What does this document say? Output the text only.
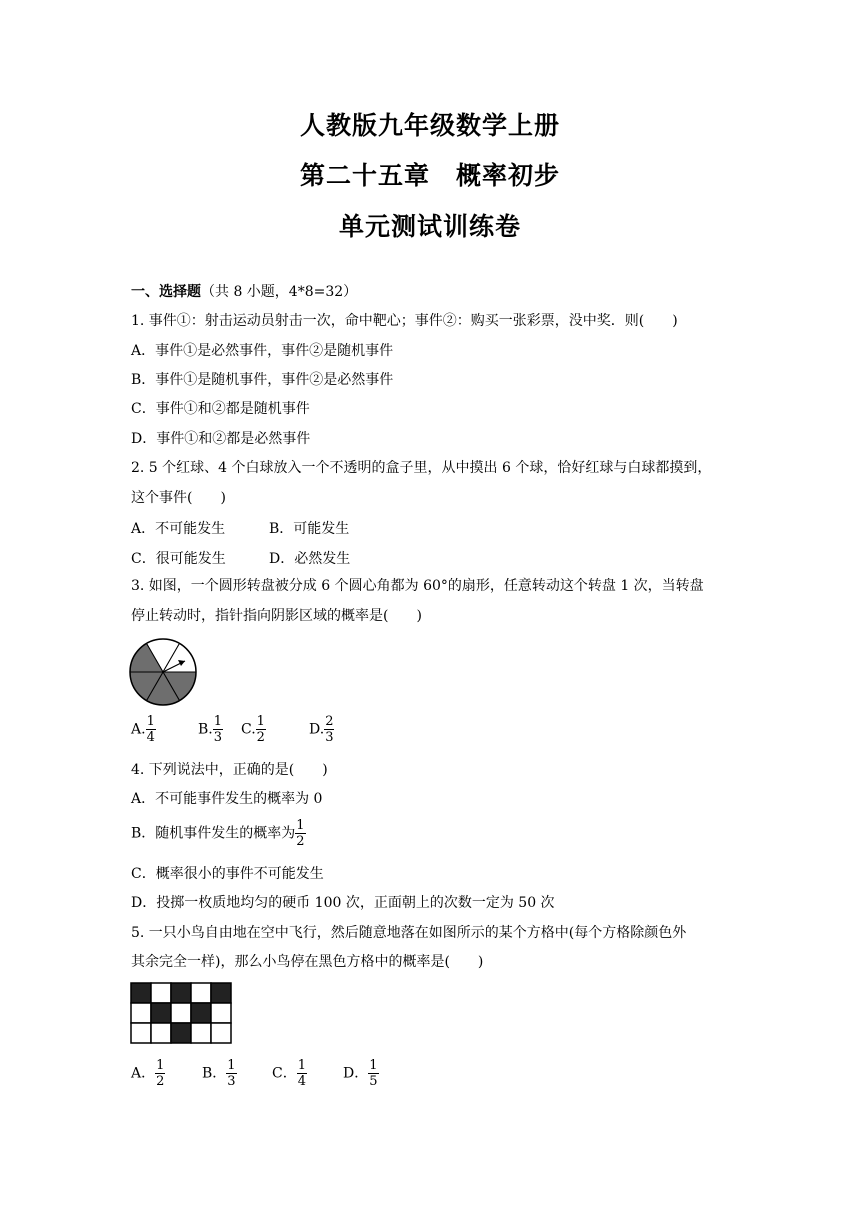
人教版九年级数学上册
第二十五章　概率初步
单元测试训练卷
一、选择题（共 8 小题，4*8=32）
1. 事件①：射击运动员射击一次，命中靶心；事件②：购买一张彩票，没中奖．则(　　)
A．事件①是必然事件，事件②是随机事件
B．事件①是随机事件，事件②是必然事件
C．事件①和②都是随机事件
D．事件①和②都是必然事件
2. 5 个红球、4 个白球放入一个不透明的盒子里，从中摸出 6 个球，恰好红球与白球都摸到，
这个事件(　　)
A．不可能发生	B．可能发生
C．很可能发生	D．必然发生
3. 如图，一个圆形转盘被分成 6 个圆心角都为 60°的扇形，任意转动这个转盘 1 次，当转盘
停止转动时，指针指向阴影区域的概率是(　　)
A. $\frac{1}{4}$	B. $\frac{1}{3} C$. $\frac{1}{2}$	D. $\frac{2}{3}$
4. 下列说法中，正确的是(　　)
A．不可能事件发生的概率为 0
B．随机事件发生的概率为 $\frac{1}{2}$
C．概率很小的事件不可能发生
D．投掷一枚质地均匀的硬币 100 次，正面朝上的次数一定为 50 次
5. 一只小鸟自由地在空中飞行，然后随意地落在如图所示的某个方格中(每个方格除颜色外
其余完全一样)，那么小鸟停在黑色方格中的概率是(　　)
A． $\frac{1}{2}$	B． $\frac{1}{3}$	C． $\frac{1}{4}$	D． $\frac{1}{5}$
